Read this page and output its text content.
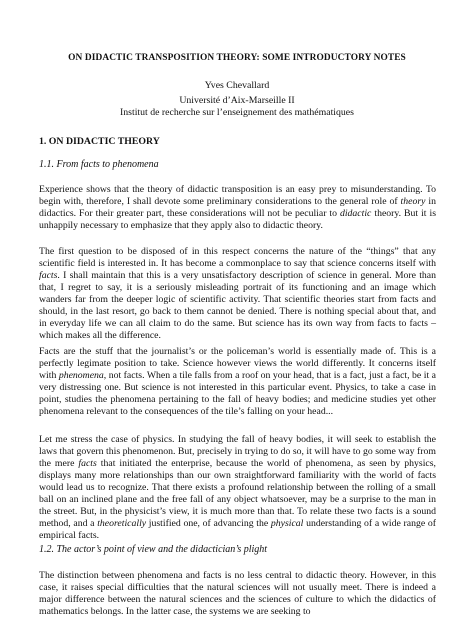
ON DIDACTIC TRANSPOSITION THEORY: SOME INTRODUCTORY NOTES
Yves Chevallard
Université d’Aix-Marseille II
Institut de recherche sur l’enseignement des mathématiques
1. ON DIDACTIC THEORY
1.1. From facts to phenomena

Experience shows that the theory of didactic transposition is an easy prey to misunderstanding. To begin with, therefore, I shall devote some preliminary considerations to the general role of theory in didactics. For their greater part, these considerations will not be peculiar to didactic theory. But it is unhappily necessary to emphasize that they apply also to didactic theory.

The first question to be disposed of in this respect concerns the nature of the “things” that any scientific field is interested in. It has become a commonplace to say that science concerns itself with facts. I shall maintain that this is a very unsatisfactory description of science in general. More than that, I regret to say, it is a seriously misleading portrait of its functioning and an image which wanders far from the deeper logic of scientific activity. That scientific theories start from facts and should, in the last resort, go back to them cannot be denied. There is nothing special about that, and in everyday life we can all claim to do the same. But science has its own way from facts to facts – which makes all the difference.

Facts are the stuff that the journalist’s or the policeman’s world is essentially made of. This is a perfectly legimate position to take. Science however views the world differently. It concerns itself with phenomena, not facts. When a tile falls from a roof on your head, that is a fact, just a fact, be it a very distressing one. But science is not interested in this particular event. Physics, to take a case in point, studies the phenomena pertaining to the fall of heavy bodies; and medicine studies yet other phenomena relevant to the consequences of the tile’s falling on your head...

Let me stress the case of physics. In studying the fall of heavy bodies, it will seek to establish the laws that govern this phenomenon. But, precisely in trying to do so, it will have to go some way from the mere facts that initiated the enterprise, because the world of phenomena, as seen by physics, displays many more relationships than our own straightforward familiarity with the world of facts would lead us to recognize. That there exists a profound relationship between the rolling of a small ball on an inclined plane and the free fall of any object whatsoever, may be a surprise to the man in the street. But, in the physicist’s view, it is much more than that. To relate these two facts is a sound method, and a theoretically justified one, of advancing the physical understanding of a wide range of empirical facts.

1.2. The actor’s point of view and the didactician’s plight

The distinction between phenomena and facts is no less central to didactic theory. However, in this case, it raises special difficulties that the natural sciences will not usually meet. There is indeed a major difference between the natural sciences and the sciences of culture to which the didactics of mathematics belongs. In the latter case, the systems we are seeking to
